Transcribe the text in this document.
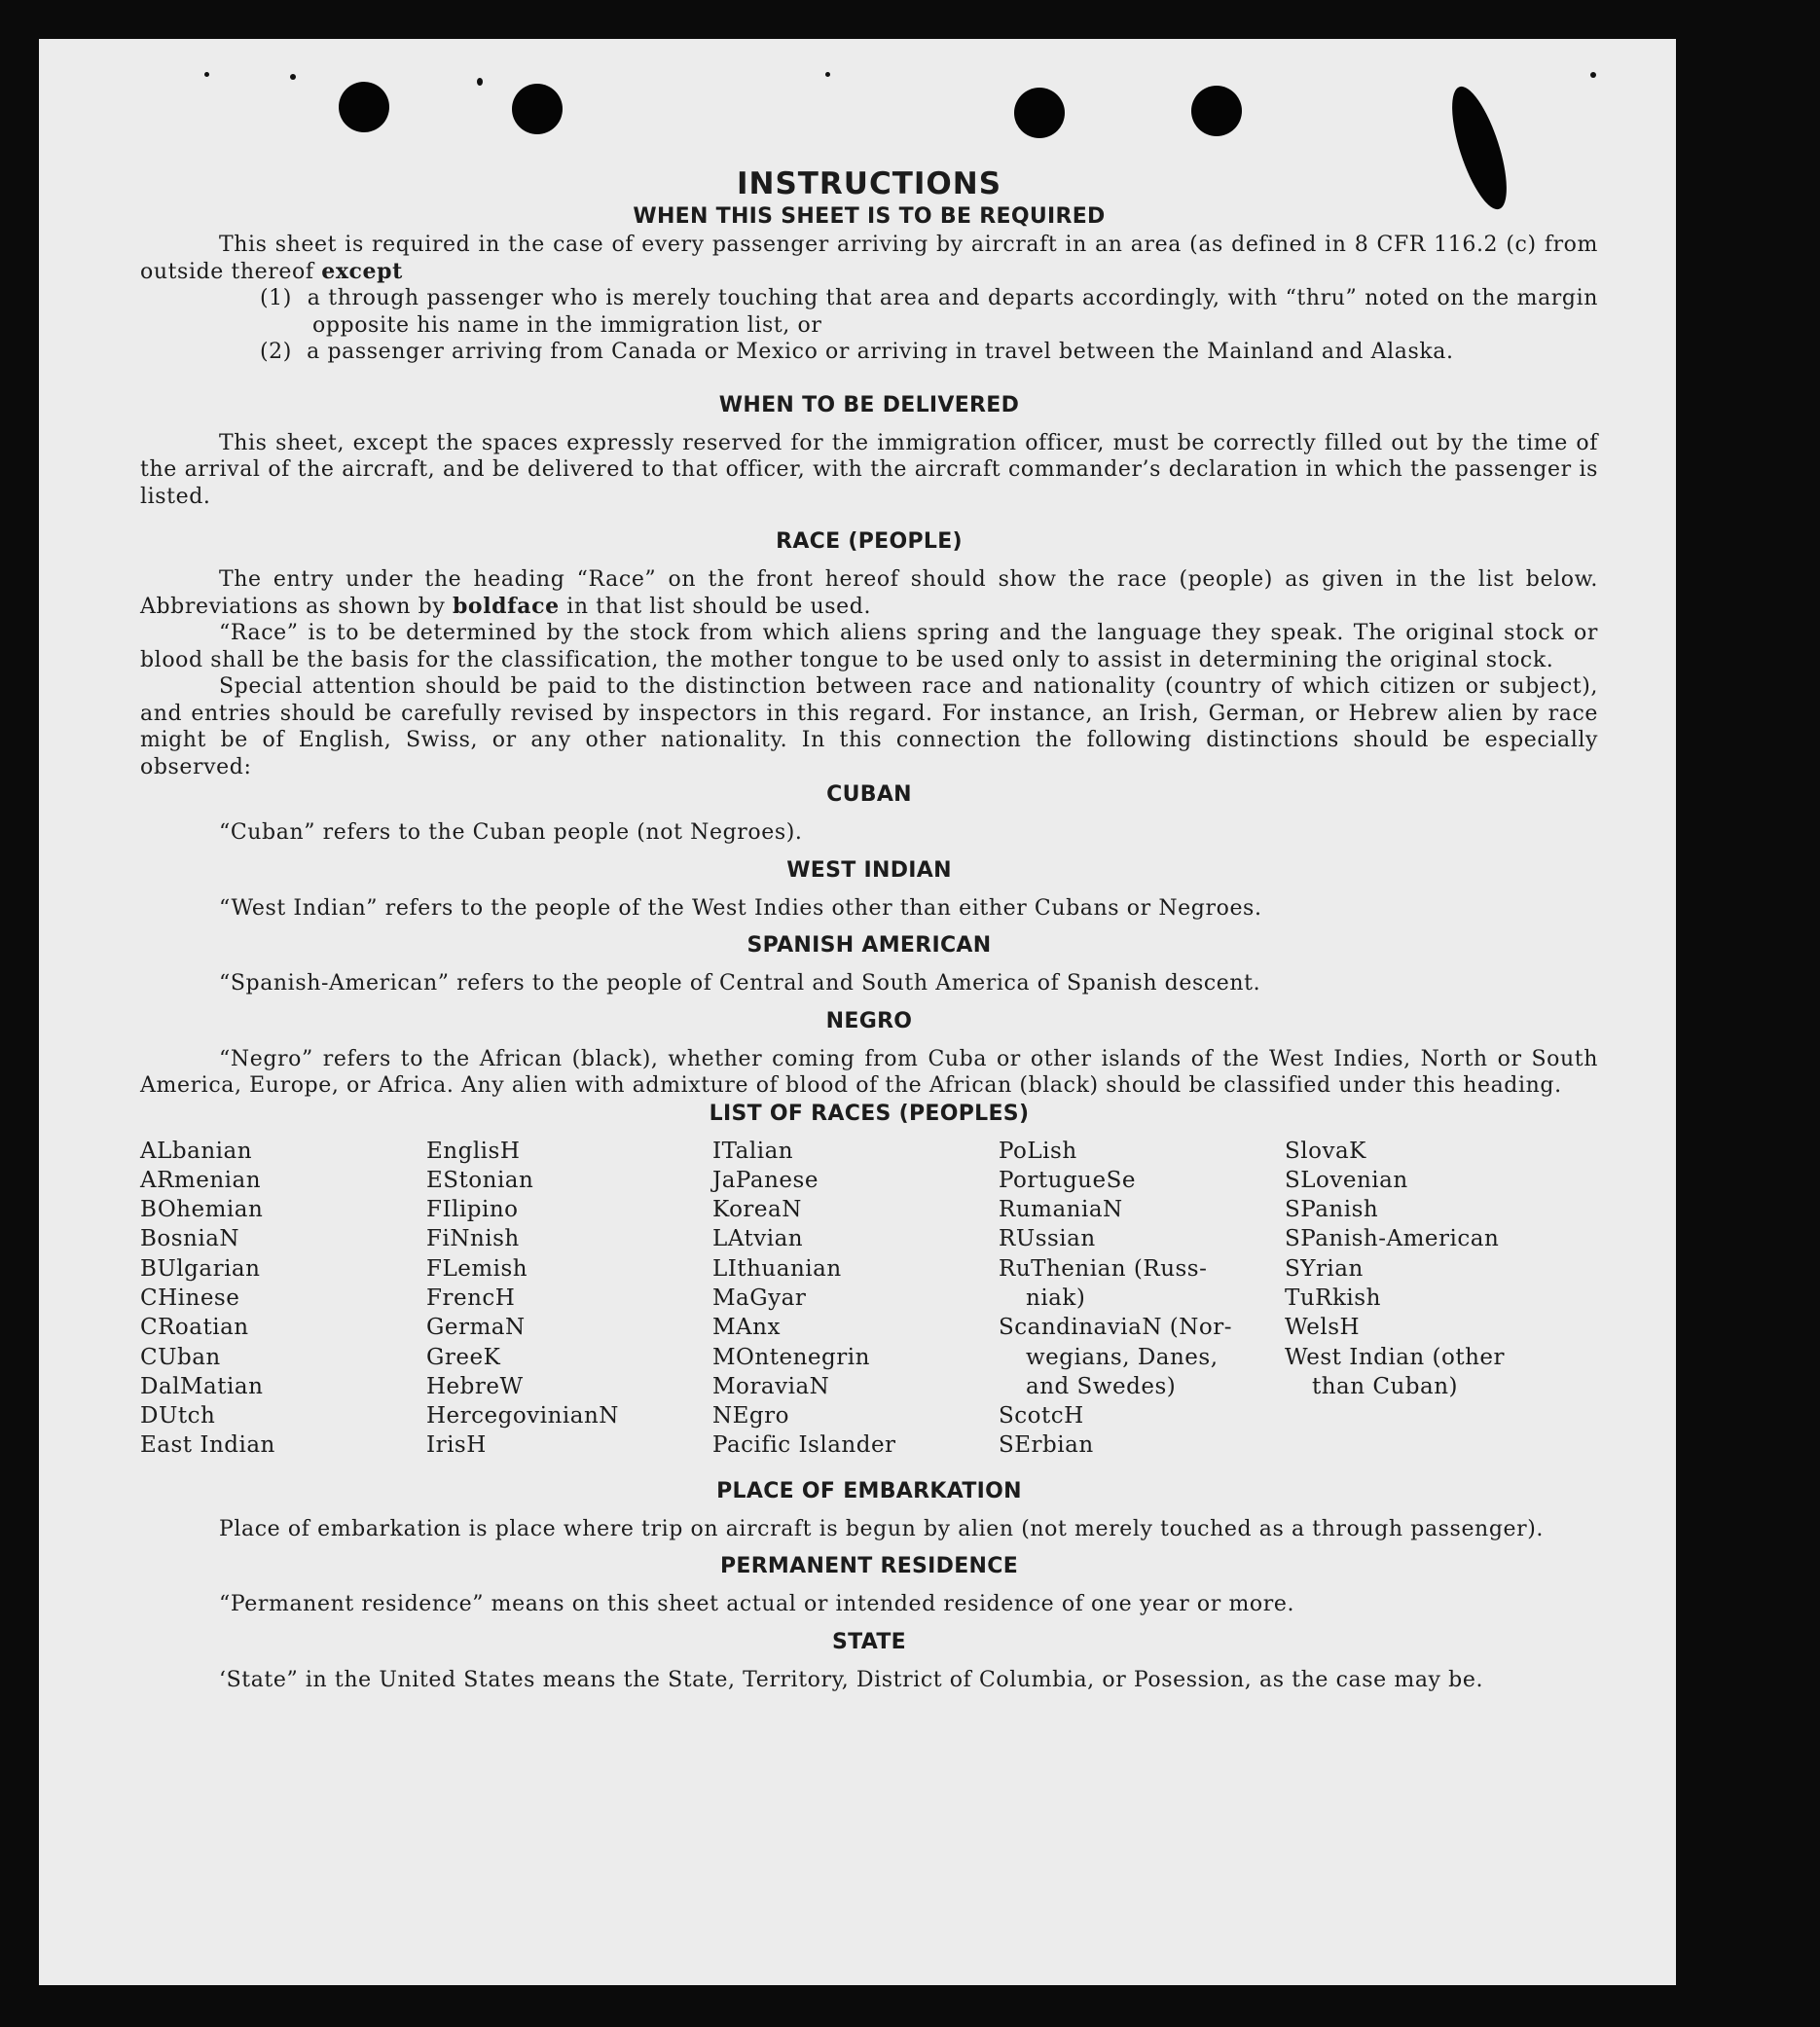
INSTRUCTIONS
WHEN THIS SHEET IS TO BE REQUIRED

This sheet is required in the case of every passenger arriving by aircraft in an area (as defined in 8 CFR 116.2 (c) from outside thereof except

(1) a through passenger who is merely touching that area and departs accordingly, with “thru” noted on the margin opposite his name in the immigration list, or

(2) a passenger arriving from Canada or Mexico or arriving in travel between the Mainland and Alaska.

WHEN TO BE DELIVERED

This sheet, except the spaces expressly reserved for the immigration officer, must be correctly filled out by the time of the arrival of the aircraft, and be delivered to that officer, with the aircraft commander’s declaration in which the passenger is listed.

RACE (PEOPLE)

The entry under the heading “Race” on the front hereof should show the race (people) as given in the list below. Abbreviations as shown by boldface in that list should be used.

“Race” is to be determined by the stock from which aliens spring and the language they speak. The original stock or blood shall be the basis for the classification, the mother tongue to be used only to assist in determining the original stock.

Special attention should be paid to the distinction between race and nationality (country of which citizen or subject), and entries should be carefully revised by inspectors in this regard. For instance, an Irish, German, or Hebrew alien by race might be of English, Swiss, or any other nationality. In this connection the following distinctions should be especially observed:

CUBAN

“Cuban” refers to the Cuban people (not Negroes).

WEST INDIAN

“West Indian” refers to the people of the West Indies other than either Cubans or Negroes.

SPANISH AMERICAN

“Spanish-American” refers to the people of Central and South America of Spanish descent.

NEGRO

“Negro” refers to the African (black), whether coming from Cuba or other islands of the West Indies, North or South America, Europe, or Africa. Any alien with admixture of blood of the African (black) should be classified under this heading.

LIST OF RACES (PEOPLES)
ALbanian
ARmenian
BOhemian
BosniaN
BUlgarian
CHinese
CRoatian
CUban
DalMatian
DUtch
East Indian
EnglisH
EStonian
FIlipino
FiNnish
FLemish
FrencH
GermaN
GreeK
HebreW
HercegovinianN
IrisH
ITalian
JaPanese
KoreaN
LAtvian
LIthuanian
MaGyar
MAnx
MOntenegrin
MoraviaN
NEgro
Pacific Islander
PoLish
PortugueSe
RumaniaN
RUssian
RuThenian (Russ-
niak)
ScandinaviaN (Nor-
wegians, Danes,
and Swedes)
ScotcH
SErbian
SlovaK
SLovenian
SPanish
SPanish-American
SYrian
TuRkish
WelsH
West Indian (other
than Cuban)
PLACE OF EMBARKATION

Place of embarkation is place where trip on aircraft is begun by alien (not merely touched as a through passenger).

PERMANENT RESIDENCE

“Permanent residence” means on this sheet actual or intended residence of one year or more.

STATE

‘State” in the United States means the State, Territory, District of Columbia, or Posession, as the case may be.
